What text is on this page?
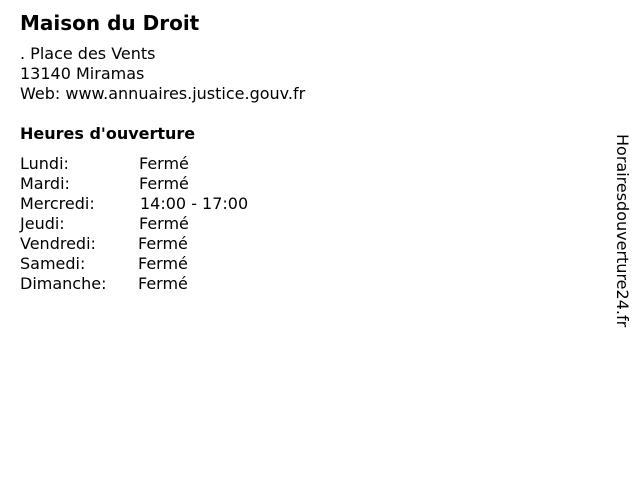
Maison du Droit
. Place des Vents
13140 Miramas
Web: www.annuaires.justice.gouv.fr
Heures d'ouverture
Lundi:	Fermé
Mardi:	Fermé
Mercredi:	14:00 - 17:00
Jeudi:	Fermé
Vendredi:	Fermé
Samedi:	Fermé
Dimanche: Fermé	Horairesdouverture24.fr
